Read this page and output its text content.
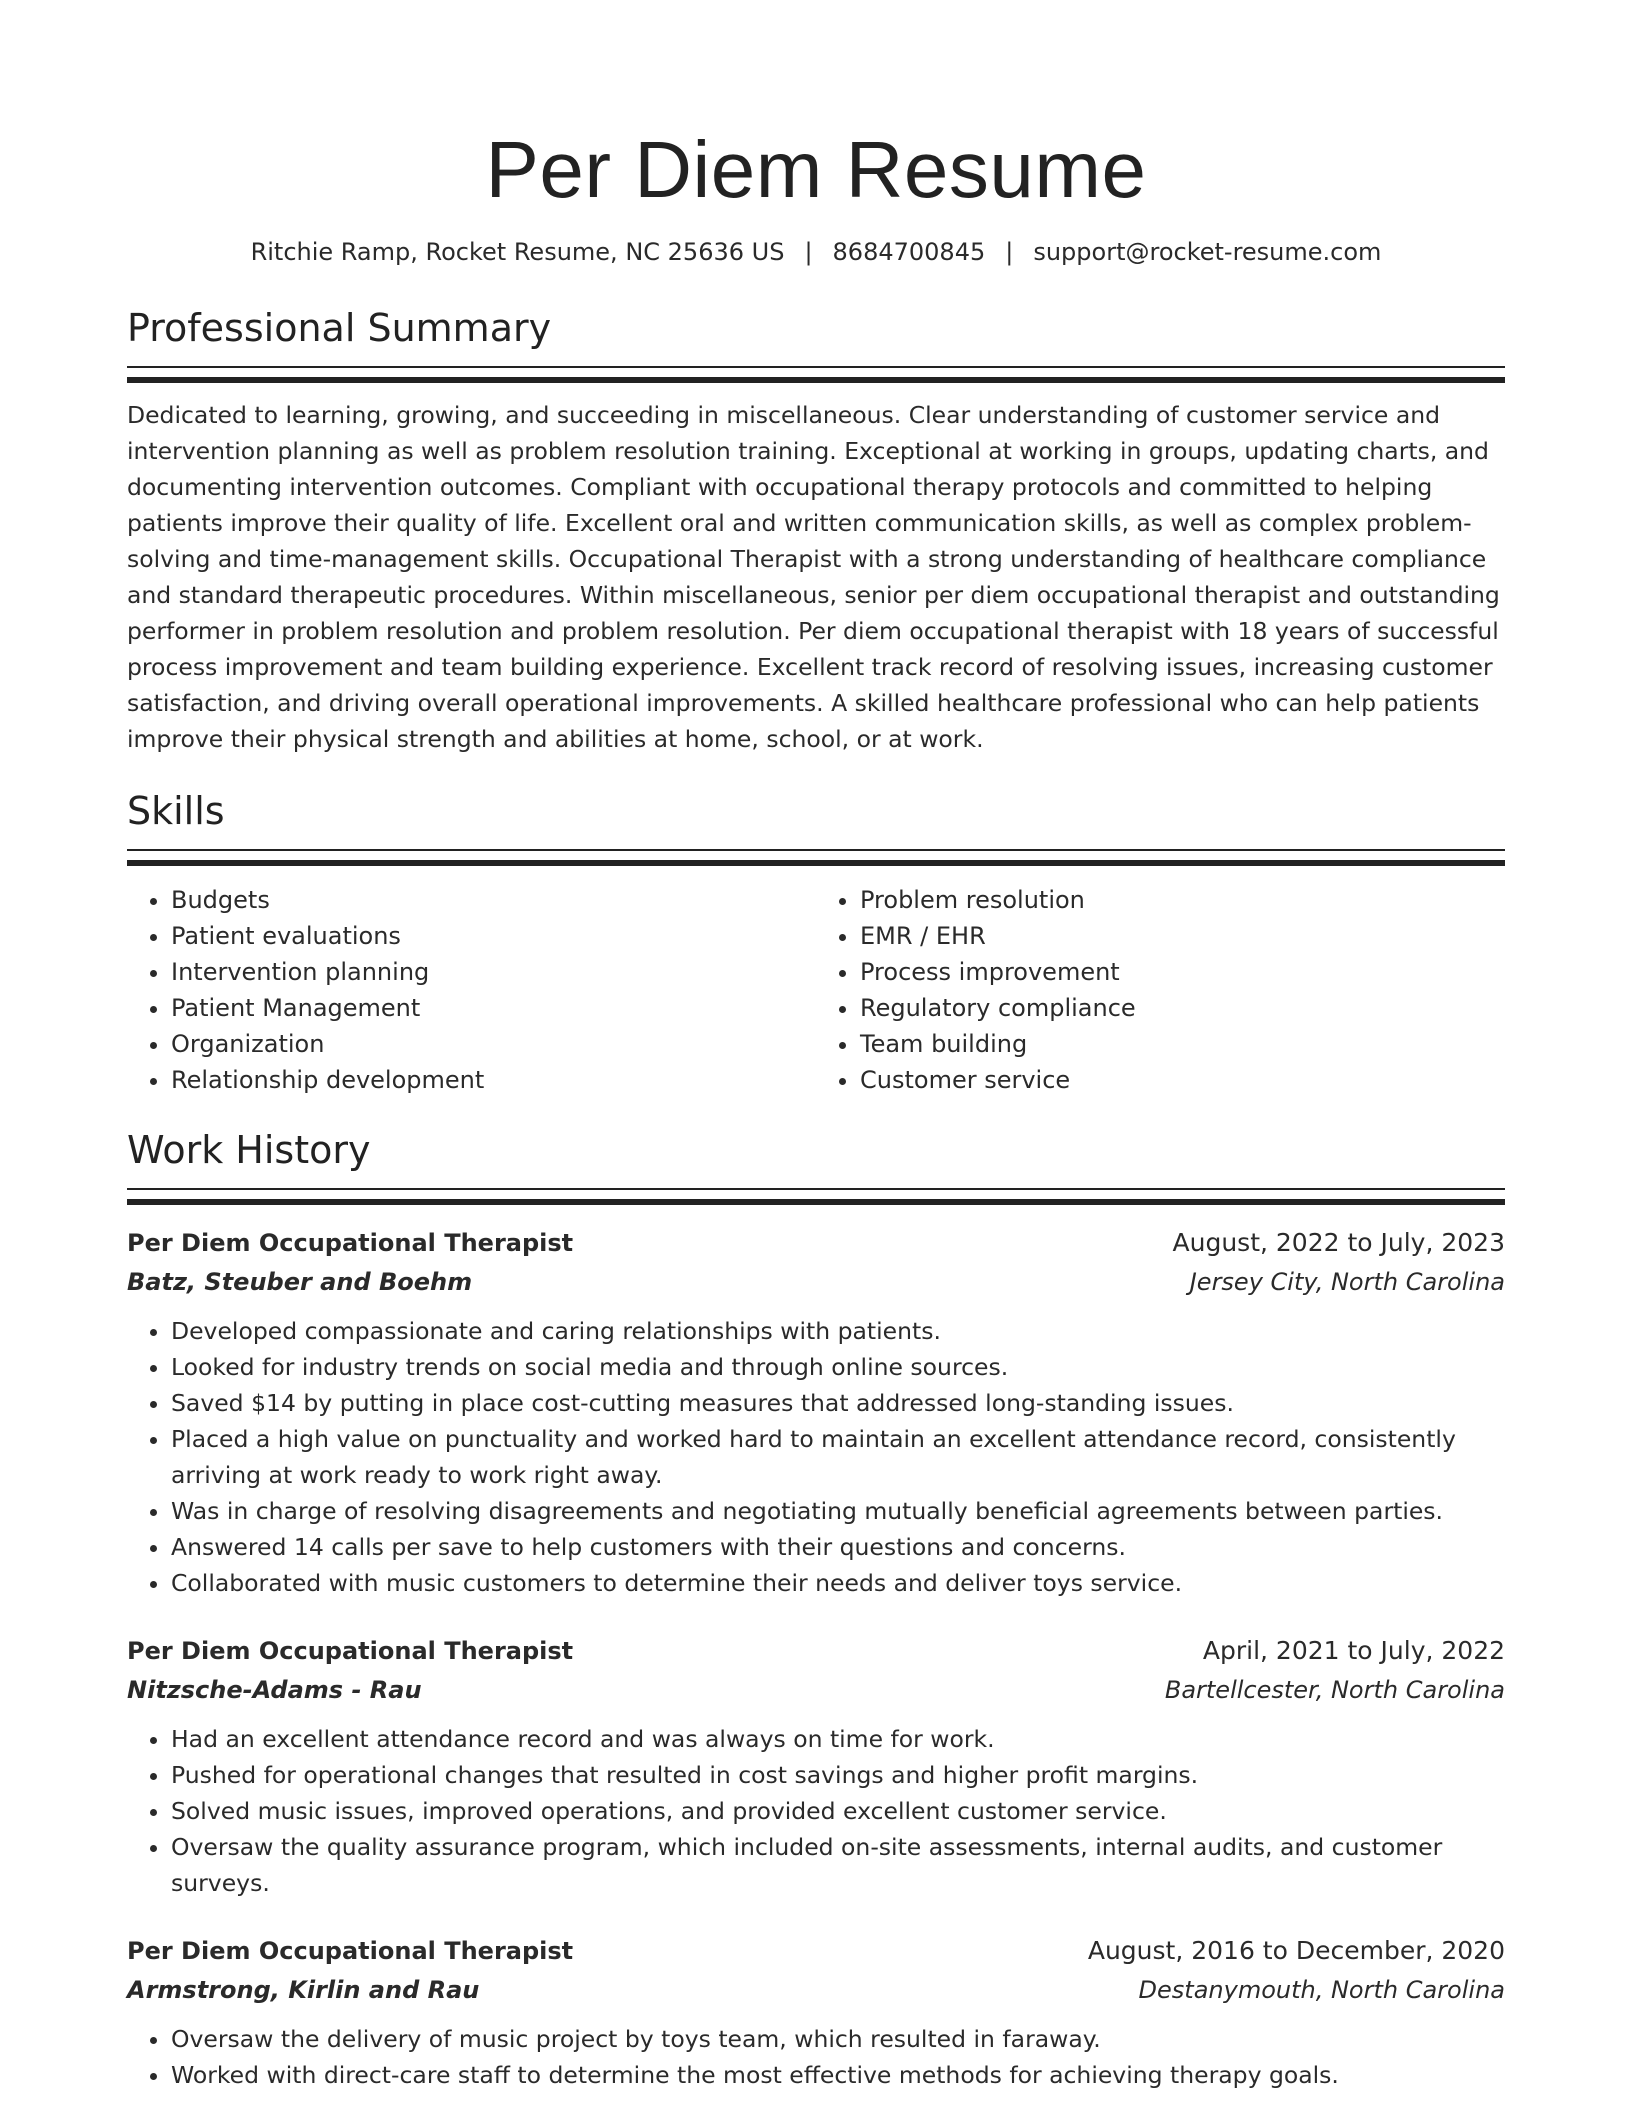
Per Diem Resume
Ritchie Ramp, Rocket Resume, NC 25636 US | 8684700845 | support@rocket-resume.com
Professional Summary

Dedicated to learning, growing, and succeeding in miscellaneous. Clear understanding of customer service and intervention planning as well as problem resolution training. Exceptional at working in groups, updating charts, and documenting intervention outcomes. Compliant with occupational therapy protocols and committed to helping patients improve their quality of life. Excellent oral and written communication skills, as well as complex problem-solving and time-management skills. Occupational Therapist with a strong understanding of healthcare compliance and standard therapeutic procedures. Within miscellaneous, senior per diem occupational therapist and outstanding performer in problem resolution and problem resolution. Per diem occupational therapist with 18 years of successful process improvement and team building experience. Excellent track record of resolving issues, increasing customer satisfaction, and driving overall operational improvements. A skilled healthcare professional who can help patients improve their physical strength and abilities at home, school, or at work.

Skills
• Budgets
• Patient evaluations
• Intervention planning
• Patient Management
• Organization
• Relationship development
• Problem resolution
• EMR / EHR
• Process improvement
• Regulatory compliance
• Team building
• Customer service
Work History
Per Diem Occupational Therapist	August, 2022 to July, 2023
Batz, Steuber and Boehm	Jersey City, North Carolina
• Developed compassionate and caring relationships with patients.
• Looked for industry trends on social media and through online sources.
• Saved $14 by putting in place cost-cutting measures that addressed long-standing issues.
• Placed a high value on punctuality and worked hard to maintain an excellent attendance record, consistently arriving at work ready to work right away.
• Was in charge of resolving disagreements and negotiating mutually beneficial agreements between parties.
• Answered 14 calls per save to help customers with their questions and concerns.
• Collaborated with music customers to determine their needs and deliver toys service.
Per Diem Occupational Therapist	April, 2021 to July, 2022
Nitzsche-Adams - Rau	Bartellcester, North Carolina
• Had an excellent attendance record and was always on time for work.
• Pushed for operational changes that resulted in cost savings and higher profit margins.
• Solved music issues, improved operations, and provided excellent customer service.
• Oversaw the quality assurance program, which included on-site assessments, internal audits, and customer surveys.
Per Diem Occupational Therapist	August, 2016 to December, 2020
Armstrong, Kirlin and Rau	Destanymouth, North Carolina
• Oversaw the delivery of music project by toys team, which resulted in faraway.
• Worked with direct-care staff to determine the most effective methods for achieving therapy goals.
